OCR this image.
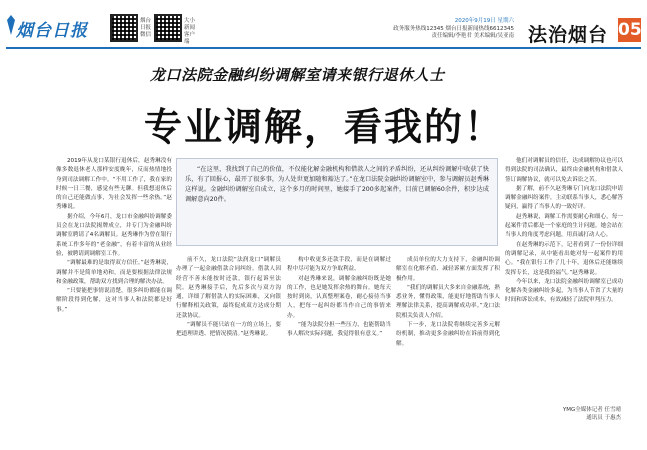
烟台日报	烟台日报微信
大小新闻客户端
2020年9月19日 星期六
政务服务热线12345 烟台日报新闻热线6612345
责任编辑/李艳君 美术编辑/吴亚南 法治烟台 05
龙口法院金融纠纷调解室请来银行退休人士
专业调解，看我的！
“在这里，我找到了自己的价值，不仅能化解金融机构和借款人之间的矛盾纠纷，还从纠纷调解中收获了快乐，有了回报心，最开了很多事，为人处世更加随和豁达了。”在龙口法院金融纠纷调解室中，参与调解员赵秀琳这样说。金融纠纷调解室自成立，这个多月的时间里，她接手了200多起案件，目前已调解60余件，积步达成调解意向20件。

2019年从龙口某银行退休后，赵秀琳没有像多数退休老人那样安度晚年，反而热情地投身到司法调解工作中。“不用工作了，我在家的时候一日三餐，感觉有些无聊。但我想退休后的自己还能做点事，为社会发挥一些余热。”赵秀琳说。

据介绍，今年6月，龙口市金融纠纷调解委员会在龙口法院揭牌成立，并专门为金融纠纷调解室聘请了4名调解员。赵秀琳作为曾在银行系统工作多年的“老金融”，有着丰富的从业经验，被聘请到调解室工作。

“调解最难的是取得双方信任。”赵秀琳说，调解并不是简单地劝和，而是要根据法律法规和金融政策，帮助双方找到合理的解决办法。

“只要能把事情说清楚，很多纠纷都能在调解阶段得到化解，这对当事人和法院都是好事。”

前不久，龙口法院“法润龙口”调解员办理了一起金融借款合同纠纷。借款人因经营不善未能按时还款，银行起诉至法院。赵秀琳接手后，先后多次与双方沟通，详细了解借款人的实际困难，又向银行解释相关政策，最终促成双方达成分期还款协议。

“调解员不能只站在一方的立场上，要把道理讲透、把情况摸清。”赵秀琳说。

构中收更多还款手段，而是在调解过程中尽可能为双方争取利益。

对赵秀琳来说，调解金融纠纷既是她的工作，也是她发挥余热的舞台。她每天按时到岗，认真整理案卷，耐心接待当事人，把每一起纠纷都当作自己的事情来办。

“能为法院分担一些压力，也能帮助当事人解决实际问题，我觉得很有意义。”

成员单位的大力支持下，金融纠纷调解室在化解矛盾、减轻诉累方面发挥了积极作用。

“我们的调解员大多来自金融系统，熟悉业务，懂得政策，能更好地帮助当事人理解法律关系，提高调解成功率。”龙口法院相关负责人介绍。

下一步，龙口法院将继续完善多元解纷机制，推动更多金融纠纷在诉前得到化解。

他们对调解员的信任，达成调解协议也可以得到法院的司法确认，最终由金融机构和借款人签订调解协议，就可以免去诉讼之苦。

据了解，前不久赵秀琳专门向龙口法院申请调解金融纠纷案件，主动联系当事人，悉心解答疑问，赢得了当事人的一致好评。

赵秀琳说，调解工作需要耐心和细心，每一起案件背后都是一个家庭的生计问题。她会站在当事人的角度考虑问题，用真诚打动人心。

在赵秀琳的示范下，记者看到了一份份详细的调解记录，从中能看出她对每一起案件的用心。“我在银行工作了几十年，退休后还能继续发挥专长，这是我的福气。”赵秀琳说。

今年以来，龙口法院金融纠纷调解室已成功化解各类金融纠纷多起，为当事人节省了大量的时间和诉讼成本，有效减轻了法院审判压力。

YMG全媒体记者 任雪晴
通讯员 于惠杰
